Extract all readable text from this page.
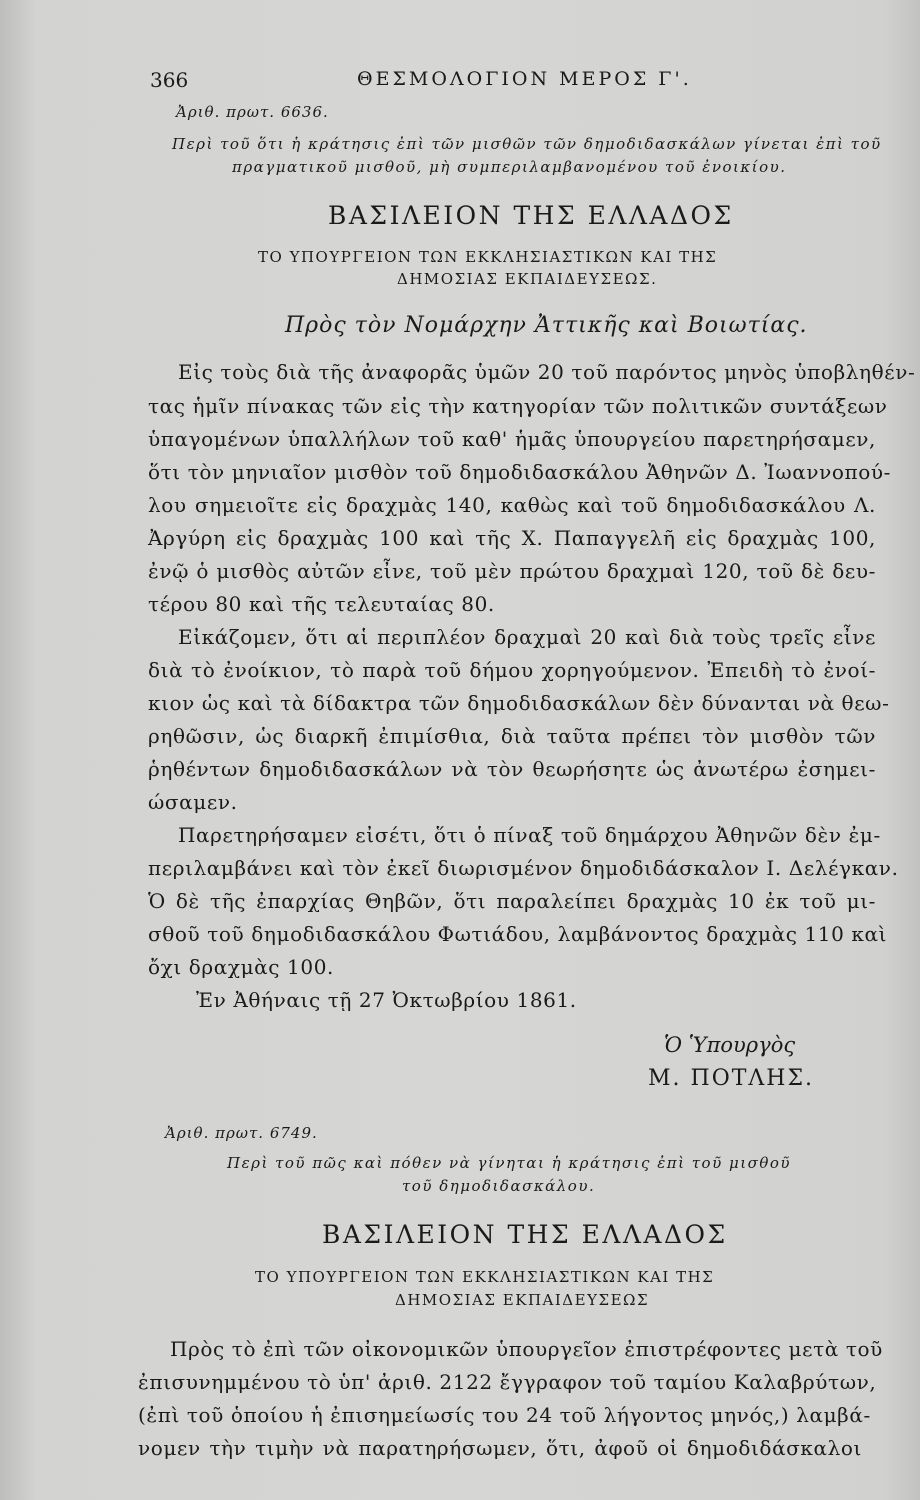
366	ΘΕΣΜΟΛΟΓΙΟΝ ΜΕΡΟΣ Γ'.
Ἀριθ. πρωτ. 6636.
Περὶ τοῦ ὅτι ἡ κράτησις ἐπὶ τῶν μισθῶν τῶν δημοδιδασκάλων γίνεται ἐπὶ τοῦ
πραγματικοῦ μισθοῦ, μὴ συμπεριλαμβανομένου τοῦ ἐνοικίου.
ΒΑΣΙΛΕΙΟΝ ΤΗΣ ΕΛΛΑΔΟΣ
ΤΟ ΥΠΟΥΡΓΕΙΟΝ ΤΩΝ ΕΚΚΛΗΣΙΑΣΤΙΚΩΝ ΚΑΙ ΤΗΣ
ΔΗΜΟΣΙΑΣ ΕΚΠΑΙΔΕΥΣΕΩΣ.
Πρὸς τὸν Νομάρχην Ἀττικῆς καὶ Βοιωτίας.
Εἰς τοὺς διὰ τῆς ἀναφορᾶς ὑμῶν 20 τοῦ παρόντος μηνὸς ὑποβληθέν-
τας ἡμῖν πίνακας τῶν εἰς τὴν κατηγορίαν τῶν πολιτικῶν συντάξεων
ὑπαγομένων ὑπαλλήλων τοῦ καθ' ἡμᾶς ὑπουργείου παρετηρήσαμεν,
ὅτι τὸν μηνιαῖον μισθὸν τοῦ δημοδιδασκάλου Ἀθηνῶν Δ. Ἰωαννοπού-
λου σημειοῖτε εἰς δραχμὰς 140, καθὼς καὶ τοῦ δημοδιδασκάλου Λ.
Ἀργύρη εἰς δραχμὰς 100 καὶ τῆς Χ. Παπαγγελῆ εἰς δραχμὰς 100,
ἐνῷ ὁ μισθὸς αὐτῶν εἶνε, τοῦ μὲν πρώτου δραχμαὶ 120, τοῦ δὲ δευ-
τέρου 80 καὶ τῆς τελευταίας 80.
Εἰκάζομεν, ὅτι αἱ περιπλέον δραχμαὶ 20 καὶ διὰ τοὺς τρεῖς εἶνε
διὰ τὸ ἐνοίκιον, τὸ παρὰ τοῦ δήμου χορηγούμενον. Ἐπειδὴ τὸ ἐνοί-
κιον ὡς καὶ τὰ δίδακτρα τῶν δημοδιδασκάλων δὲν δύνανται νὰ θεω-
ρηθῶσιν, ὡς διαρκῆ ἐπιμίσθια, διὰ ταῦτα πρέπει τὸν μισθὸν τῶν
ῥηθέντων δημοδιδασκάλων νὰ τὸν θεωρήσητε ὡς ἀνωτέρω ἐσημει-
ώσαμεν.
Παρετηρήσαμεν εἰσέτι, ὅτι ὁ πίναξ τοῦ δημάρχου Ἀθηνῶν δὲν ἐμ-
περιλαμβάνει καὶ τὸν ἐκεῖ διωρισμένον δημοδιδάσκαλον Ι. Δελέγκαν.
Ὁ δὲ τῆς ἐπαρχίας Θηβῶν, ὅτι παραλείπει δραχμὰς 10 ἐκ τοῦ μι-
σθοῦ τοῦ δημοδιδασκάλου Φωτιάδου, λαμβάνοντος δραχμὰς 110 καὶ
ὄχι δραχμὰς 100.
Ἐν Ἀθήναις τῇ 27 Ὀκτωβρίου 1861.
Ὁ Ὑπουργὸς
Μ. ΠΟΤΛΗΣ.
Ἀριθ. πρωτ. 6749.
Περὶ τοῦ πῶς καὶ πόθεν νὰ γίνηται ἡ κράτησις ἐπὶ τοῦ μισθοῦ
τοῦ δημοδιδασκάλου.
ΒΑΣΙΛΕΙΟΝ ΤΗΣ ΕΛΛΑΔΟΣ
ΤΟ ΥΠΟΥΡΓΕΙΟΝ ΤΩΝ ΕΚΚΛΗΣΙΑΣΤΙΚΩΝ ΚΑΙ ΤΗΣ
ΔΗΜΟΣΙΑΣ ΕΚΠΑΙΔΕΥΣΕΩΣ
Πρὸς τὸ ἐπὶ τῶν οἰκονομικῶν ὑπουργεῖον ἐπιστρέφοντες μετὰ τοῦ
ἐπισυνημμένου τὸ ὑπ' ἀριθ. 2122 ἔγγραφον τοῦ ταμίου Καλαβρύτων,
(ἐπὶ τοῦ ὁποίου ἡ ἐπισημείωσίς του 24 τοῦ λήγοντος μηνός,) λαμβά-
νομεν τὴν τιμὴν νὰ παρατηρήσωμεν, ὅτι, ἀφοῦ οἱ δημοδιδάσκαλοι
